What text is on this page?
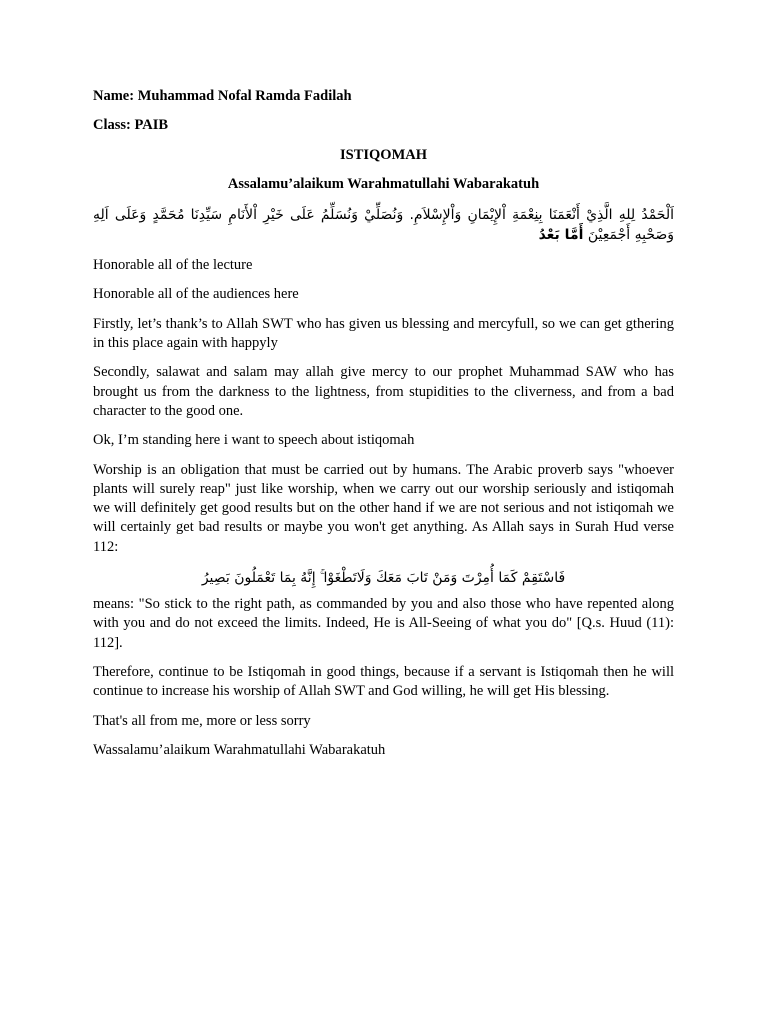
Name: Muhammad Nofal Ramda Fadilah
Class: PAIB
ISTIQOMAH
Assalamu’alaikum Warahmatullahi Wabarakatuh
اَلْحَمْدُ لِلهِ الَّذِيْ أَنْعَمَنَا بِنِعْمَةِ اْلإِيْمَانِ وَاْلإِسْلاَمِ. وَنُصَلِّيْ وَنُسَلِّمُ عَلَى خَيْرِ اْلأَنَامِ سَيِّدِنَا مُحَمَّدٍ وَعَلَى اَلِهِ وَصَحْبِهِ أَجْمَعِيْنَ أَمَّا بَعْدُ
Honorable all of the lecture
Honorable all of the audiences here
Firstly, let’s thank’s to Allah SWT who has given us blessing and mercyfull, so we can get gthering in this place again with happyly
Secondly, salawat and salam may allah give mercy to our prophet Muhammad SAW who has brought us from the darkness to the lightness, from stupidities to the cliverness, and from a bad character to the good one.
Ok, I’m standing here i want to speech about istiqomah
Worship is an obligation that must be carried out by humans. The Arabic proverb says "whoever plants will surely reap" just like worship, when we carry out our worship seriously and istiqomah we will definitely get good results but on the other hand if we are not serious and not istiqomah we will certainly get bad results or maybe you won't get anything. As Allah says in Surah Hud verse 112:
فَاسْتَقِمْ كَمَا أُمِرْتَ وَمَنْ تَابَ مَعَكَ وَلَاتَطْغَوْا ۚ إِنَّهُ بِمَا تَعْمَلُونَ بَصِيرُ
means: "So stick to the right path, as commanded by you and also those who have repented along with you and do not exceed the limits. Indeed, He is All-Seeing of what you do" [Q.s. Huud (11): 112].
Therefore, continue to be Istiqomah in good things, because if a servant is Istiqomah then he will continue to increase his worship of Allah SWT and God willing, he will get His blessing.
That's all from me, more or less sorry
Wassalamu’alaikum Warahmatullahi Wabarakatuh
